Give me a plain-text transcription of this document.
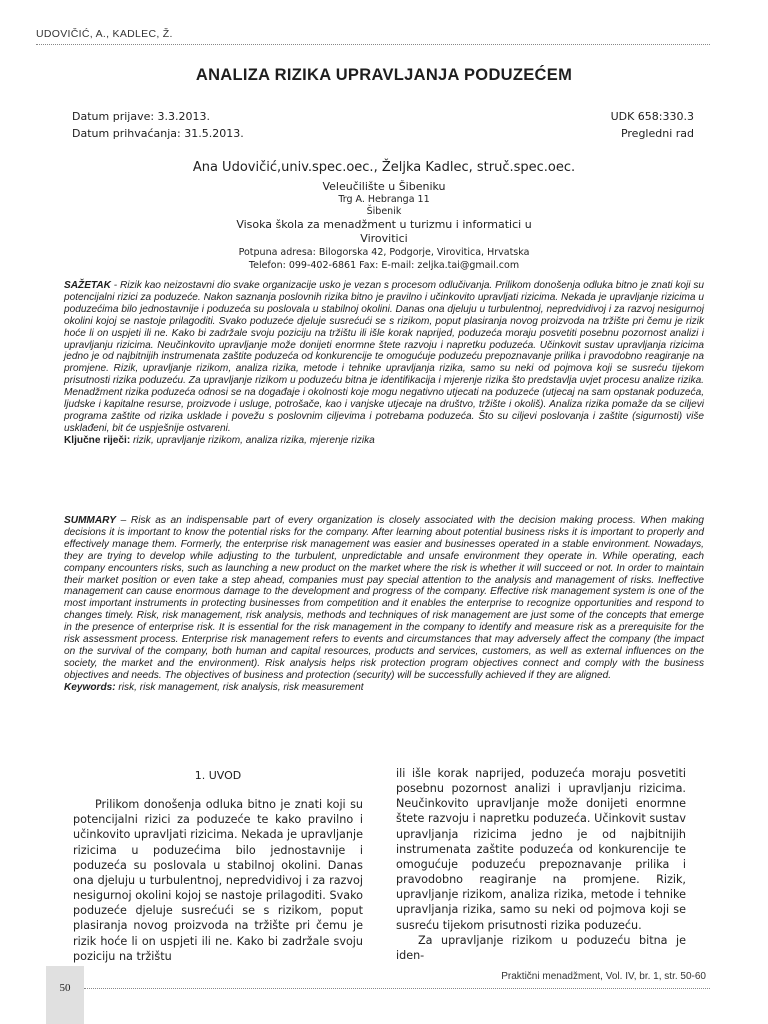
UDOVIČIĆ, A., KADLEC, Ž.
ANALIZA RIZIKA UPRAVLJANJA PODUZEĆEM
Datum prijave: 3.3.2013.
Datum prihvaćanja: 31.5.2013.
UDK 658:330.3
Pregledni rad
Ana Udovičić,univ.spec.oec., Željka Kadlec, struč.spec.oec.
Veleučilište u Šibeniku
Trg A. Hebranga 11
Šibenik
Visoka škola za menadžment u turizmu i informatici u
Virovitici
Potpuna adresa: Bilogorska 42, Podgorje, Virovitica, Hrvatska
Telefon: 099-402-6861 Fax: E-mail: zeljka.tai@gmail.com
SAŽETAK - Rizik kao neizostavni dio svake organizacije usko je vezan s procesom odlučivanja. Prilikom donošenja odluka bitno je znati koji su potencijalni rizici za poduzeće. Nakon saznanja poslovnih rizika bitno je pravilno i učinkovito upravljati rizicima. Nekada je upravljanje rizicima u poduzećima bilo jednostavnije i poduzeća su poslovala u stabilnoj okolini. Danas ona djeluju u turbulentnoj, nepredvidivoj i za razvoj nesigurnoj okolini kojoj se nastoje prilagoditi. Svako poduzeće djeluje susrećući se s rizikom, poput plasiranja novog proizvoda na tržište pri čemu je rizik hoće li on uspjeti ili ne. Kako bi zadržale svoju poziciju na tržištu ili išle korak naprijed, poduzeća moraju posvetiti posebnu pozornost analizi i upravljanju rizicima. Neučinkovito upravljanje može donijeti enormne štete razvoju i napretku poduzeća. Učinkovit sustav upravljanja rizicima jedno je od najbitnijih instrumenata zaštite poduzeća od konkurencije te omogućuje poduzeću prepoznavanje prilika i pravodobno reagiranje na promjene. Rizik, upravljanje rizikom, analiza rizika, metode i tehnike upravljanja rizika, samo su neki od pojmova koji se susreću tijekom prisutnosti rizika poduzeću. Za upravljanje rizikom u poduzeću bitna je identifikacija i mjerenje rizika što predstavlja uvjet procesu analize rizika. Menadžment rizika poduzeća odnosi se na događaje i okolnosti koje mogu negativno utjecati na poduzeće (utjecaj na sam opstanak poduzeća, ljudske i kapitalne resurse, proizvode i usluge, potrošače, kao i vanjske utjecaje na društvo, tržište i okoliš). Analiza rizika pomaže da se ciljevi programa zaštite od rizika usklade i povežu s poslovnim ciljevima i potrebama poduzeća. Što su ciljevi poslovanja i zaštite (sigurnosti) više usklađeni, bit će uspješnije ostvareni.
Ključne riječi: rizik, upravljanje rizikom, analiza rizika, mjerenje rizika
SUMMARY – Risk as an indispensable part of every organization is closely associated with the decision making process. When making decisions it is important to know the potential risks for the company. After learning about potential business risks it is important to properly and effectively manage them. Formerly, the enterprise risk management was easier and businesses operated in a stable environment. Nowadays, they are trying to develop while adjusting to the turbulent, unpredictable and unsafe environment they operate in. While operating, each company encounters risks, such as launching a new product on the market where the risk is whether it will succeed or not. In order to maintain their market position or even take a step ahead, companies must pay special attention to the analysis and management of risks. Ineffective management can cause enormous damage to the development and progress of the company. Effective risk management system is one of the most important instruments in protecting businesses from competition and it enables the enterprise to recognize opportunities and respond to changes timely. Risk, risk management, risk analysis, methods and techniques of risk management are just some of the concepts that emerge in the presence of enterprise risk. It is essential for the risk management in the company to identify and measure risk as a prerequisite for the risk assessment process. Enterprise risk management refers to events and circumstances that may adversely affect the company (the impact on the survival of the company, both human and capital resources, products and services, customers, as well as external influences on the society, the market and the environment). Risk analysis helps risk protection program objectives connect and comply with the business objectives and needs. The objectives of business and protection (security) will be successfully achieved if they are aligned.
Keywords: risk, risk management, risk analysis, risk measurement
1. UVOD

Prilikom donošenja odluka bitno je znati koji su potencijalni rizici za poduzeće te kako pravilno i učinkovito upravljati rizicima. Nekada je upravljanje rizicima u poduzećima bilo jednostavnije i poduzeća su poslovala u stabilnoj okolini. Danas ona djeluju u turbulentnoj, nepredvidivoj i za razvoj nesigurnoj okolini kojoj se nastoje prilagoditi. Svako poduzeće djeluje susrećući se s rizikom, poput plasiranja novog proizvoda na tržište pri čemu je rizik hoće li on uspjeti ili ne. Kako bi zadržale svoju poziciju na tržištu

ili išle korak naprijed, poduzeća moraju posvetiti posebnu pozornost analizi i upravljanju rizicima. Neučinkovito upravljanje može donijeti enormne štete razvoju i napretku poduzeća. Učinkovit sustav upravljanja rizicima jedno je od najbitnijih instrumenata zaštite poduzeća od konkurencije te omogućuje poduzeću prepoznavanje prilika i pravodobno reagiranje na promjene. Rizik, upravljanje rizikom, analiza rizika, metode i tehnike upravljanja rizika, samo su neki od pojmova koji se susreću tijekom prisutnosti rizika poduzeću.

Za upravljanje rizikom u poduzeću bitna je iden-

50
Praktični menadžment, Vol. IV, br. 1, str. 50-60
